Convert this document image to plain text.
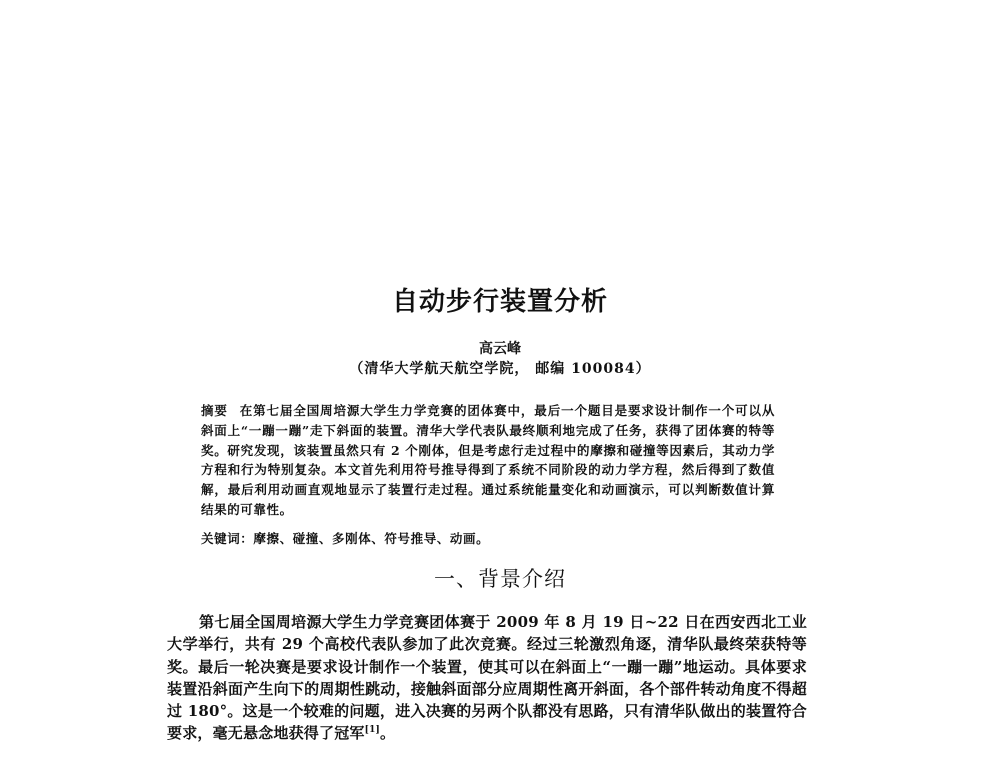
自动步行装置分析
高云峰
（清华大学航天航空学院， 邮编 100084）
摘要 在第七届全国周培源大学生力学竞赛的团体赛中，最后一个题目是要求设计制作一个可以从斜面上“一蹦一蹦”走下斜面的装置。清华大学代表队最终顺利地完成了任务，获得了团体赛的特等奖。研究发现，该装置虽然只有 2 个刚体，但是考虑行走过程中的摩擦和碰撞等因素后，其动力学方程和行为特别复杂。本文首先利用符号推导得到了系统不同阶段的动力学方程，然后得到了数值解，最后利用动画直观地显示了装置行走过程。通过系统能量变化和动画演示，可以判断数值计算结果的可靠性。
关键词：摩擦、碰撞、多刚体、符号推导、动画。
一、背景介绍
第七届全国周培源大学生力学竞赛团体赛于 2009 年 8 月 19 日~22 日在西安西北工业大学举行，共有 29 个高校代表队参加了此次竞赛。经过三轮激烈角逐，清华队最终荣获特等奖。最后一轮决赛是要求设计制作一个装置，使其可以在斜面上“一蹦一蹦”地运动。具体要求装置沿斜面产生向下的周期性跳动，接触斜面部分应周期性离开斜面，各个部件转动角度不得超过 180°。这是一个较难的问题，进入决赛的另两个队都没有思路，只有清华队做出的装置符合要求，毫无悬念地获得了冠军[1]。
